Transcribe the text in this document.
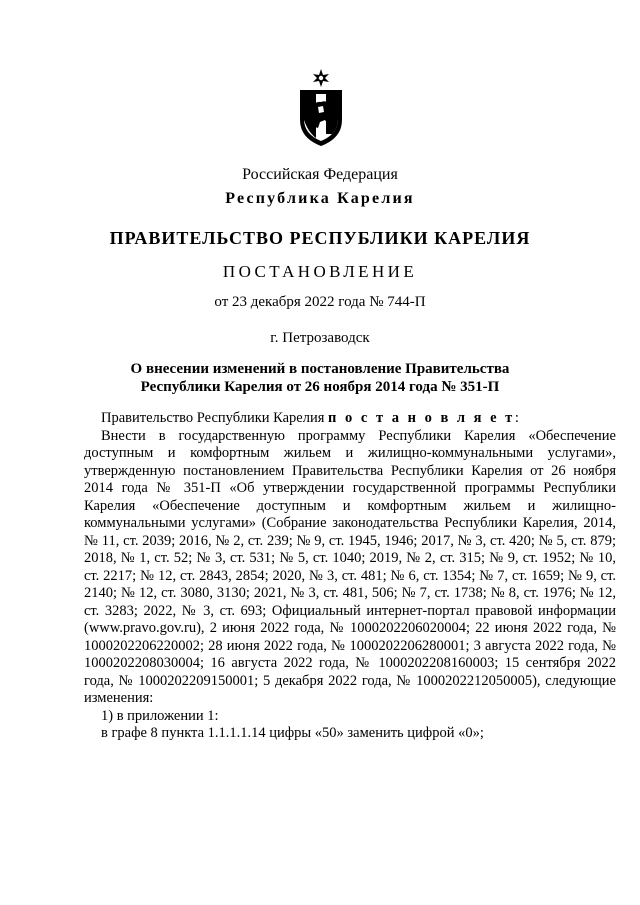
Российская Федерация
Республика Карелия
ПРАВИТЕЛЬСТВО РЕСПУБЛИКИ КАРЕЛИЯ
ПОСТАНОВЛЕНИЕ
от 23 декабря 2022 года № 744-П
г. Петрозаводск
О внесении изменений в постановление Правительства
Республики Карелия от 26 ноября 2014 года № 351-П

Правительство Республики Карелия п о с т а н о в л я е т:

Внести в государственную программу Республики Карелия «Обеспечение доступным и комфортным жильем и жилищно-коммунальными услугами», утвержденную постановлением Правительства Республики Карелия от 26 ноября 2014 года № 351-П «Об утверждении государственной программы Республики Карелия «Обеспечение доступным и комфортным жильем и жилищно-коммунальными услугами» (Собрание законодательства Республики Карелия, 2014, № 11, ст. 2039; 2016, № 2, ст. 239; № 9, ст. 1945, 1946; 2017, № 3, ст. 420; № 5, ст. 879; 2018, № 1, ст. 52; № 3, ст. 531; № 5, ст. 1040; 2019, № 2, ст. 315; № 9, ст. 1952; № 10, ст. 2217; № 12, ст. 2843, 2854; 2020, № 3, ст. 481; № 6, ст. 1354; № 7, ст. 1659; № 9, ст. 2140; № 12, ст. 3080, 3130; 2021, № 3, ст. 481, 506; № 7, ст. 1738; № 8, ст. 1976; № 12, ст. 3283; 2022, № 3, ст. 693; Официальный интернет-портал правовой информации (www.pravo.gov.ru), 2 июня 2022 года, № 1000202206020004; 22 июня 2022 года, № 1000202206220002; 28 июня 2022 года, № 1000202206280001; 3 августа 2022 года, № 1000202208030004; 16 августа 2022 года, № 1000202208160003; 15 сентября 2022 года, № 1000202209150001; 5 декабря 2022 года, № 1000202212050005), следующие изменения:

1) в приложении 1:

в графе 8 пункта 1.1.1.1.14 цифры «50» заменить цифрой «0»;
